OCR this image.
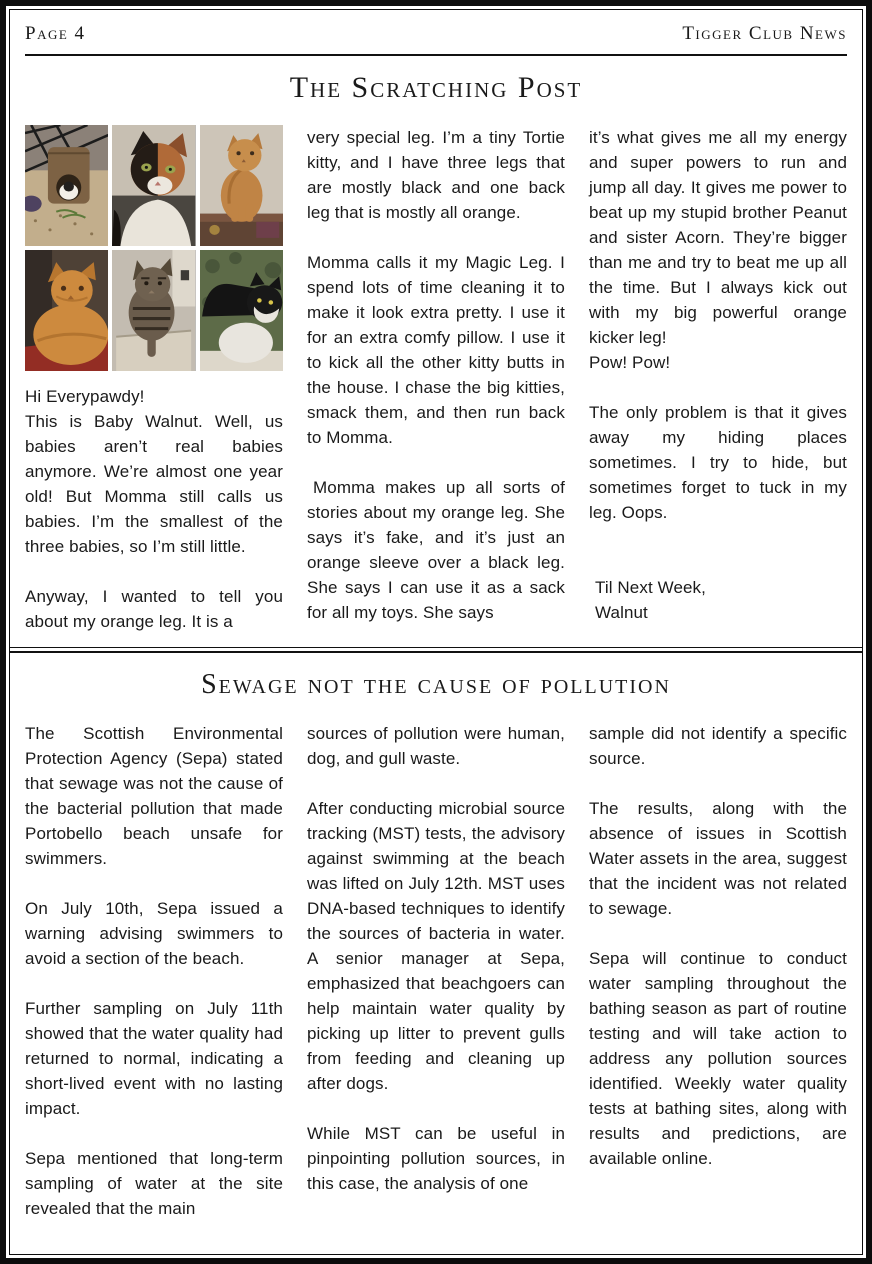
Page 4	Tigger Club News
The Scratching Post

Hi Everypawdy!

This is Baby Walnut. Well, us babies aren’t real babies anymore. We’re almost one year old! But Momma still calls us babies. I’m the smallest of the three babies, so I’m still little.

Anyway, I wanted to tell you about my orange leg. It is a

very special leg. I’m a tiny Tortie kitty, and I have three legs that are mostly black and one back leg that is mostly all orange.

Momma calls it my Magic Leg. I spend lots of time cleaning it to make it look extra pretty. I use it for an extra comfy pillow. I use it to kick all the other kitty butts in the house. I chase the big kitties, smack them, and then run back to Momma.

Momma makes up all sorts of stories about my orange leg. She says it’s fake, and it’s just an orange sleeve over a black leg. She says I can use it as a sack for all my toys. She says

it’s what gives me all my energy and super powers to run and jump all day. It gives me power to beat up my stupid brother Peanut and sister Acorn. They’re bigger than me and try to beat me up all the time. But I always kick out with my big powerful orange kicker leg!

Pow! Pow!

The only problem is that it gives away my hiding places sometimes. I try to hide, but sometimes forget to tuck in my leg. Oops.

Til Next Week,

Walnut

Sewage not the cause of pollution

The Scottish Environmental Protection Agency (Sepa) stated that sewage was not the cause of the bacterial pollution that made Portobello beach unsafe for swimmers.

On July 10th, Sepa issued a warning advising swimmers to avoid a section of the beach.

Further sampling on July 11th showed that the water quality had returned to normal, indicating a short-lived event with no lasting impact.

Sepa mentioned that long-term sampling of water at the site revealed that the main

sources of pollution were human, dog, and gull waste.

After conducting microbial source tracking (MST) tests, the advisory against swimming at the beach was lifted on July 12th. MST uses DNA-based techniques to identify the sources of bacteria in water. A senior manager at Sepa, emphasized that beachgoers can help maintain water quality by picking up litter to prevent gulls from feeding and cleaning up after dogs.

While MST can be useful in pinpointing pollution sources, in this case, the analysis of one

sample did not identify a specific source.

The results, along with the absence of issues in Scottish Water assets in the area, suggest that the incident was not related to sewage.

Sepa will continue to conduct water sampling throughout the bathing season as part of routine testing and will take action to address any pollution sources identified. Weekly water quality tests at bathing sites, along with results and predictions, are available online.
